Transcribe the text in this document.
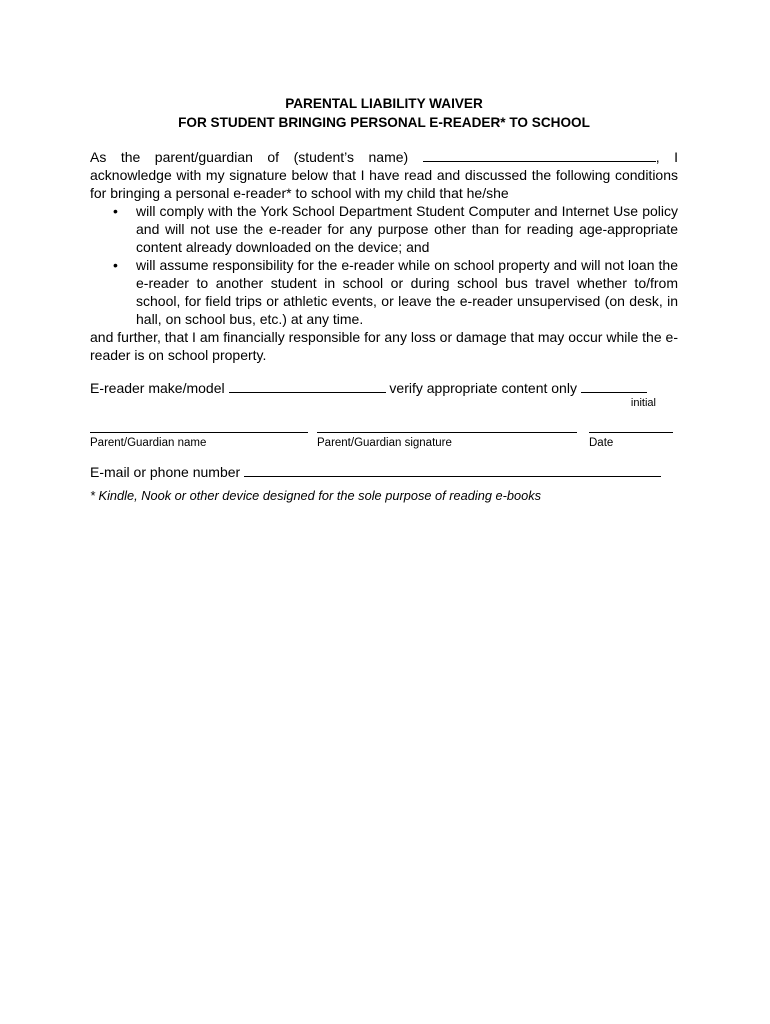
PARENTAL LIABILITY WAIVER
FOR STUDENT BRINGING PERSONAL E-READER* TO SCHOOL

As the parent/guardian of (student’s name)	, I acknowledge with my signature below that I have read and discussed the following conditions for bringing a personal e-reader* to school with my child that he/she

• will comply with the York School Department Student Computer and Internet Use policy and will not use the e-reader for any purpose other than for reading age-appropriate content already downloaded on the device; and
• will assume responsibility for the e-reader while on school property and will not loan the e-reader to another student in school or during school bus travel whether to/from school, for field trips or athletic events, or leave the e-reader unsupervised (on desk, in hall, on school bus, etc.) at any time.

and further, that I am financially responsible for any loss or damage that may occur while the e-reader is on school property.

E-reader make/model	verify appropriate content only
initial
Parent/Guardian name	Parent/Guardian signature	Date
E-mail or phone number
* Kindle, Nook or other device designed for the sole purpose of reading e-books
